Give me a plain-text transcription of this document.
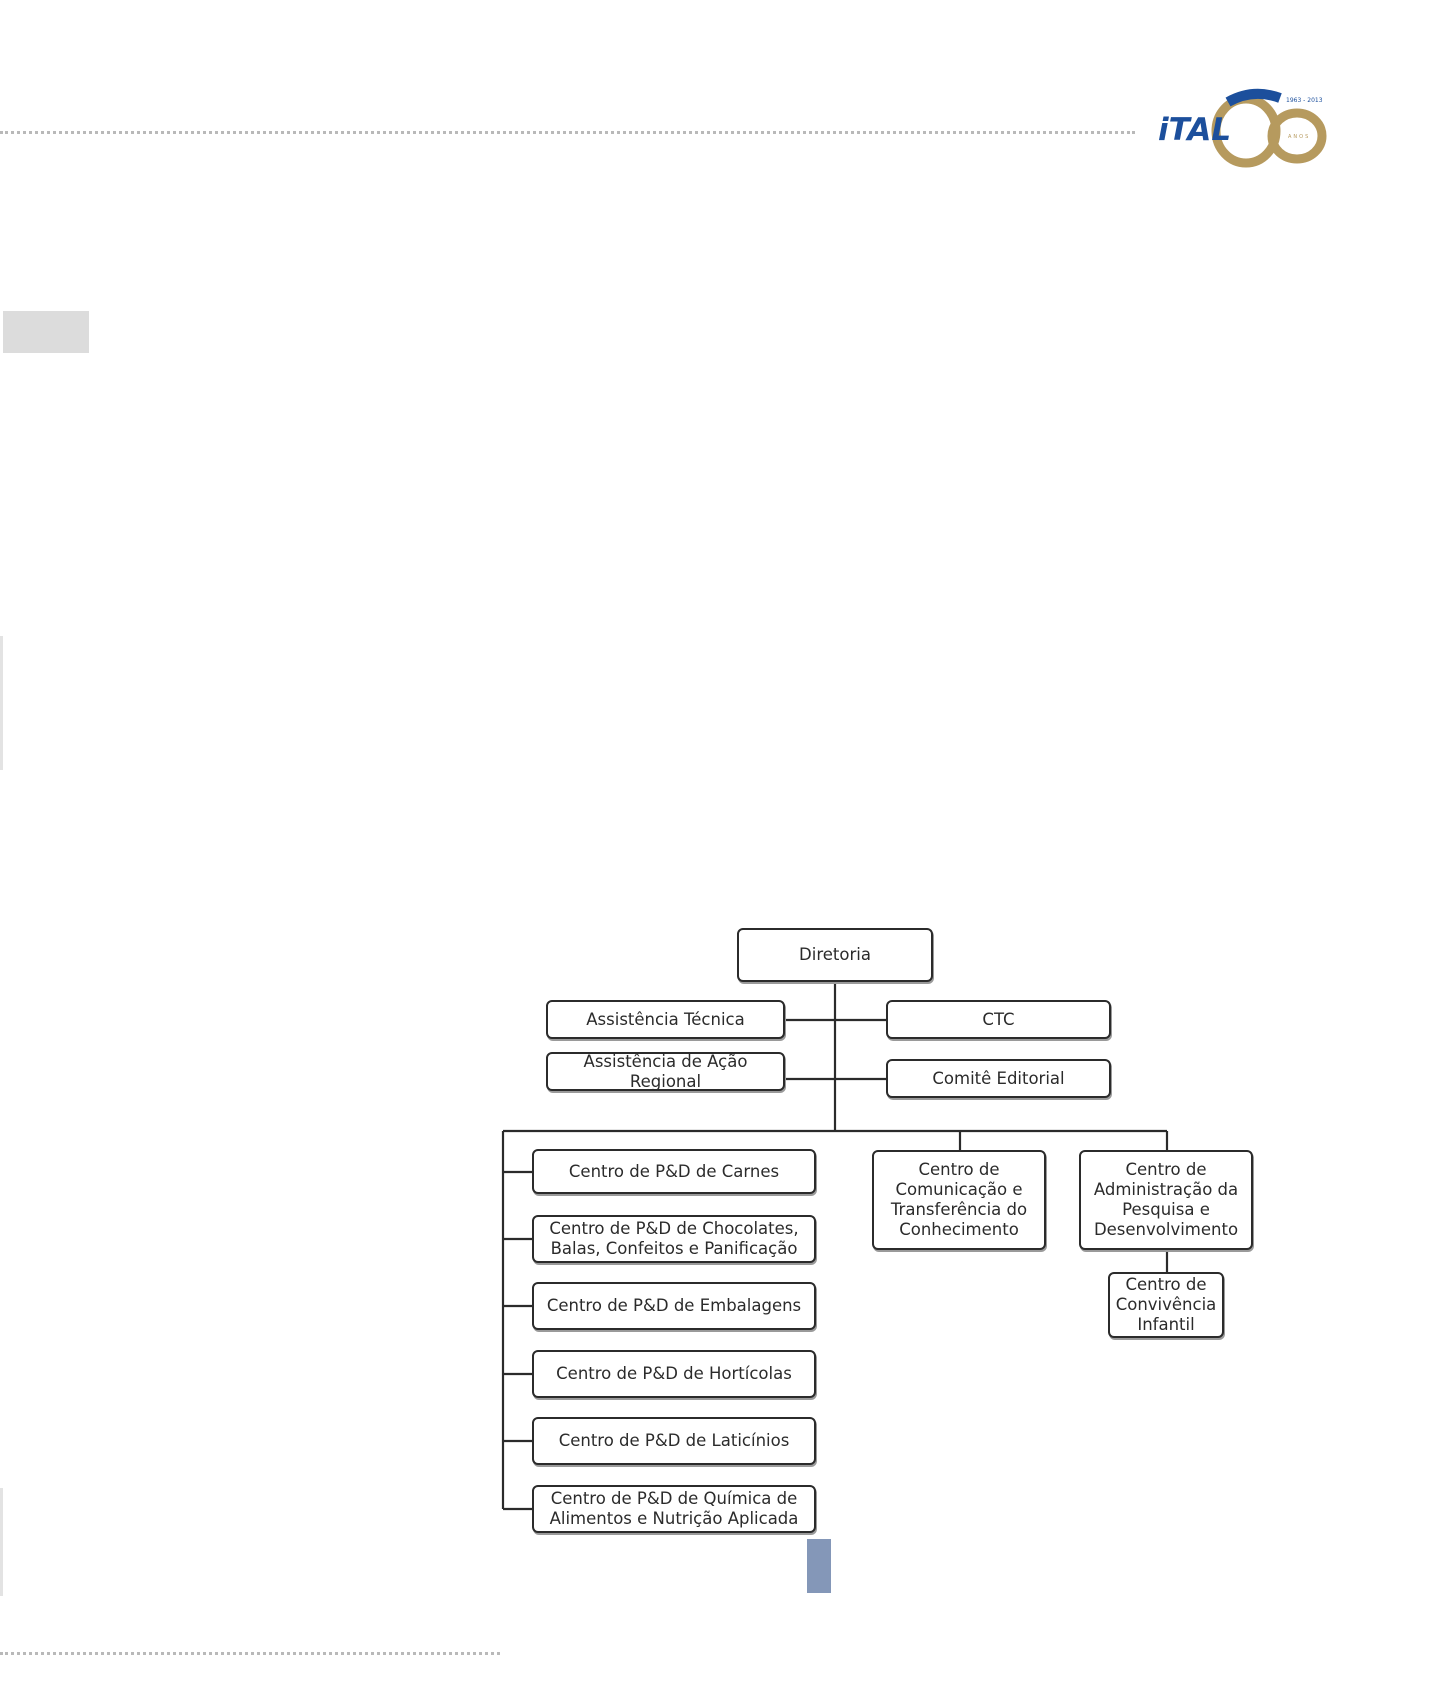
iTAL
1963 - 2013
ANOS
Diretoria
Assistência Técnica
Assistência de Ação Regional
CTC
Comitê Editorial
Centro de P&D de Carnes
Centro de P&D de Chocolates, Balas, Confeitos e Panificação
Centro de P&D de Embalagens
Centro de P&D de Hortícolas
Centro de P&D de Laticínios
Centro de P&D de Química de Alimentos e Nutrição Aplicada
Centro de Comunicação e Transferência do Conhecimento
Centro de Administração da Pesquisa e Desenvolvimento
Centro de Convivência Infantil
